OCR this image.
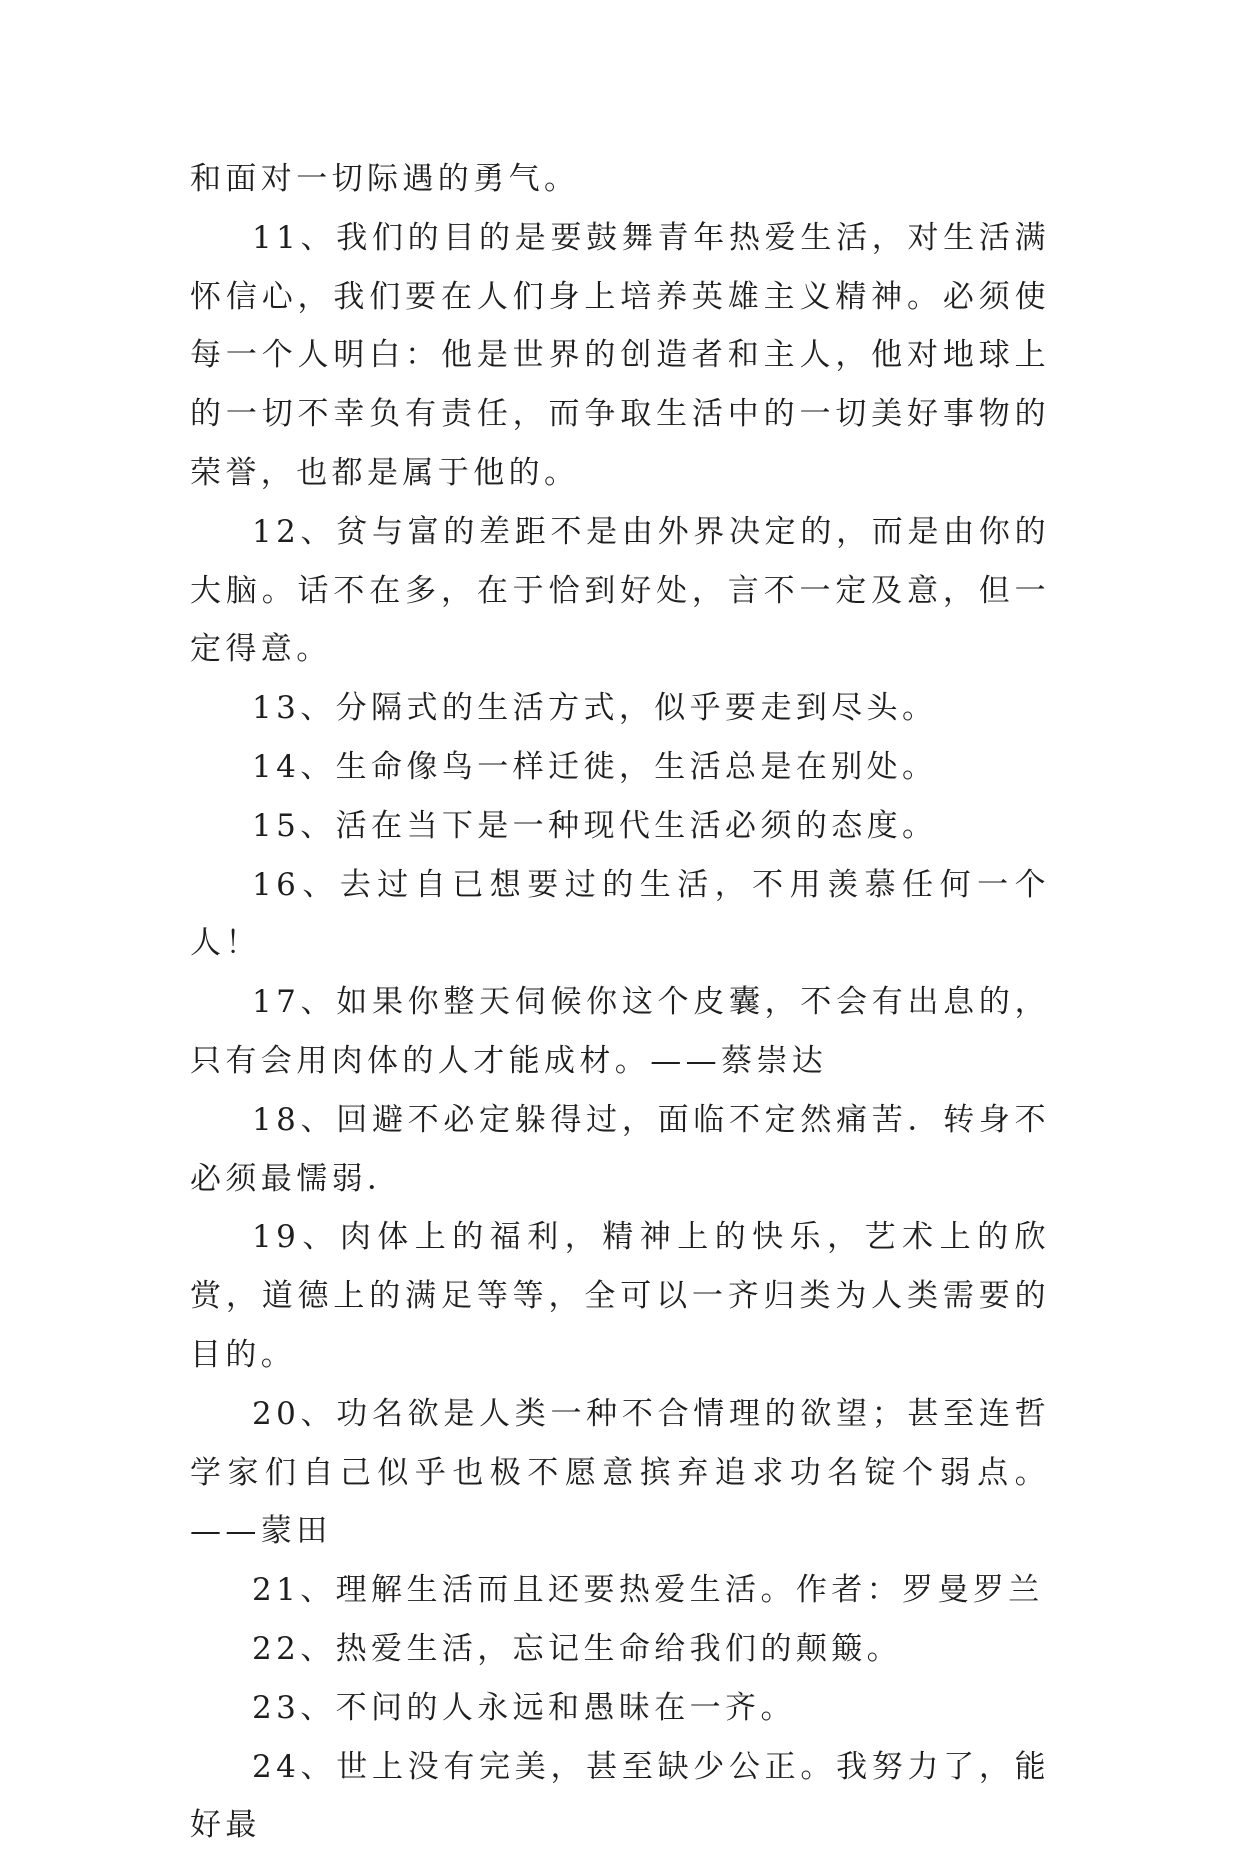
和面对一切际遇的勇气。

11、我们的目的是要鼓舞青年热爱生活，对生活满怀信心，我们要在人们身上培养英雄主义精神。必须使每一个人明白：他是世界的创造者和主人，他对地球上的一切不幸负有责任，而争取生活中的一切美好事物的荣誉，也都是属于他的。

12、贫与富的差距不是由外界决定的，而是由你的大脑。话不在多，在于恰到好处，言不一定及意，但一定得意。

13、分隔式的生活方式，似乎要走到尽头。

14、生命像鸟一样迁徙，生活总是在别处。

15、活在当下是一种现代生活必须的态度。

16、去过自已想要过的生活，不用羡慕任何一个人！

17、如果你整天伺候你这个皮囊，不会有出息的，只有会用肉体的人才能成材。——蔡崇达

18、回避不必定躲得过，面临不定然痛苦．转身不必须最懦弱．

19、肉体上的福利，精神上的快乐，艺术上的欣赏，道德上的满足等等，全可以一齐归类为人类需要的目的。

20、功名欲是人类一种不合情理的欲望；甚至连哲学家们自己似乎也极不愿意摈弃追求功名锭个弱点。——蒙田

21、理解生活而且还要热爱生活。作者：罗曼罗兰

22、热爱生活，忘记生命给我们的颠簸。

23、不问的人永远和愚昧在一齐。

24、世上没有完美，甚至缺少公正。我努力了，能好最
